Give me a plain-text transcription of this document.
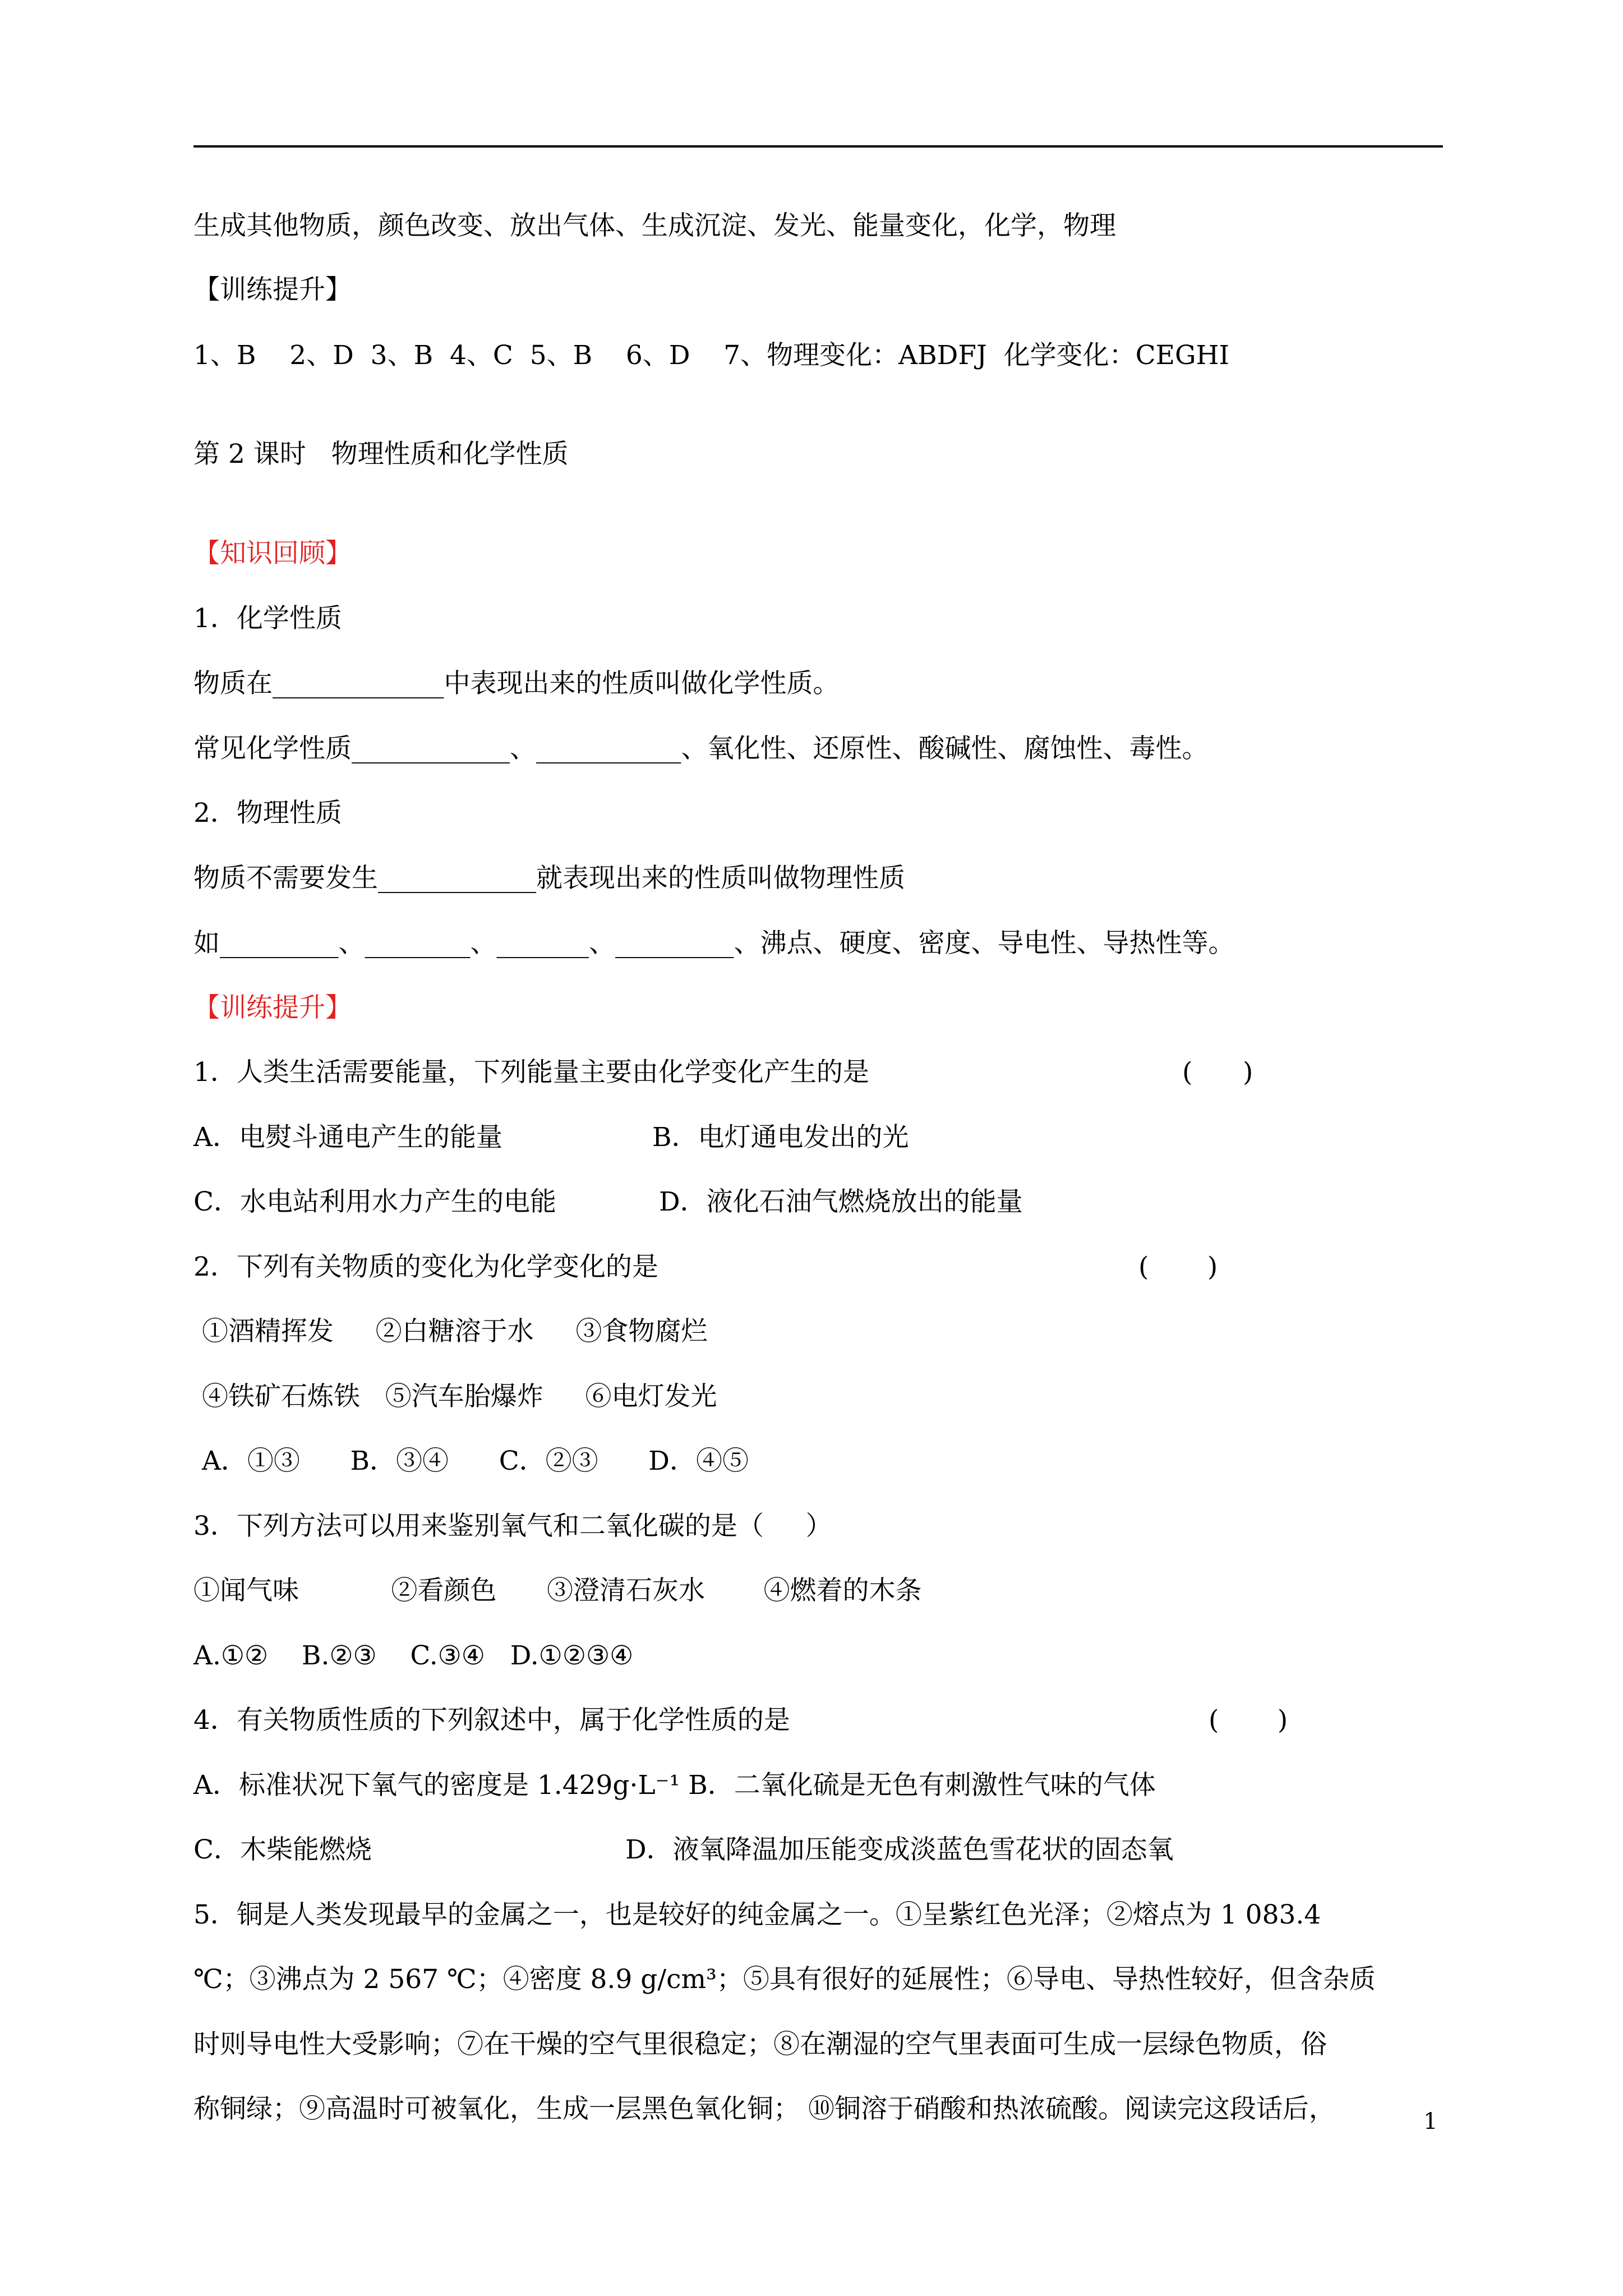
生成其他物质，颜色改变、放出气体、生成沉淀、发光、能量变化，化学，物理

【训练提升】

1、B    2、D  3、B  4、C  5、B    6、D    7、物理变化：ABDFJ  化学变化：CEGHI

第 2 课时   物理性质和化学性质

【知识回顾】

1．化学性质

物质在_____________中表现出来的性质叫做化学性质。

常见化学性质____________、___________、氧化性、还原性、酸碱性、腐蚀性、毒性。

2．物理性质

物质不需要发生____________就表现出来的性质叫做物理性质

如_________、________、_______、_________、沸点、硬度、密度、导电性、导热性等。

【训练提升】

1．人类生活需要能量，下列能量主要由化学变化产生的是	(      )

A．电熨斗通电产生的能量	B．电灯通电发出的光

C．水电站利用水力产生的电能	D．液化石油气燃烧放出的能量

2．下列有关物质的变化为化学变化的是	(       )

①酒精挥发     ②白糖溶于水     ③食物腐烂

④铁矿石炼铁   ⑤汽车胎爆炸     ⑥电灯发光

A．①③      B．③④      C．②③      D．④⑤

3．下列方法可以用来鉴别氧气和二氧化碳的是（     ）

①闻气味           ②看颜色      ③澄清石灰水       ④燃着的木条

A.①②    B.②③    C.③④   D.①②③④

4．有关物质性质的下列叙述中，属于化学性质的是	(       )

A．标准状况下氧气的密度是 1.429g·L⁻¹ B．二氧化硫是无色有刺激性气味的气体

C．木柴能燃烧	D．液氧降温加压能变成淡蓝色雪花状的固态氧

5．铜是人类发现最早的金属之一，也是较好的纯金属之一。①呈紫红色光泽；②熔点为 1 083.4

℃；③沸点为 2 567 ℃；④密度 8.9 g/cm³；⑤具有很好的延展性；⑥导电、导热性较好，但含杂质

时则导电性大受影响；⑦在干燥的空气里很稳定；⑧在潮湿的空气里表面可生成一层绿色物质，俗

称铜绿；⑨高温时可被氧化，生成一层黑色氧化铜； ⑩铜溶于硝酸和热浓硫酸。阅读完这段话后，	1
